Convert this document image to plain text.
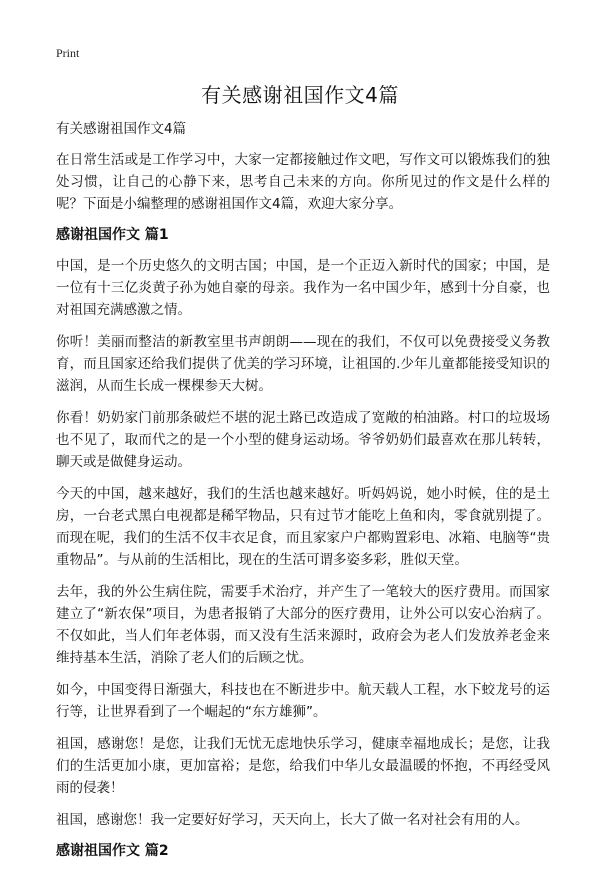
Print
有关感谢祖国作文4篇
有关感谢祖国作文4篇

在日常生活或是工作学习中，大家一定都接触过作文吧，写作文可以锻炼我们的独处习惯，让自己的心静下来，思考自己未来的方向。你所见过的作文是什么样的呢？下面是小编整理的感谢祖国作文4篇，欢迎大家分享。

感谢祖国作文 篇1

中国，是一个历史悠久的文明古国；中国，是一个正迈入新时代的国家；中国，是一位有十三亿炎黄子孙为她自豪的母亲。我作为一名中国少年，感到十分自豪，也对祖国充满感激之情。

你听！美丽而整洁的新教室里书声朗朗——现在的我们，不仅可以免费接受义务教育，而且国家还给我们提供了优美的学习环境，让祖国的.少年儿童都能接受知识的滋润，从而生长成一棵棵参天大树。

你看！奶奶家门前那条破烂不堪的泥土路已改造成了宽敞的柏油路。村口的垃圾场也不见了，取而代之的是一个小型的健身运动场。爷爷奶奶们最喜欢在那儿转转，聊天或是做健身运动。

今天的中国，越来越好，我们的生活也越来越好。听妈妈说，她小时候，住的是土房，一台老式黑白电视都是稀罕物品，只有过节才能吃上鱼和肉，零食就别提了。而现在呢，我们的生活不仅丰衣足食，而且家家户户都购置彩电、冰箱、电脑等“贵重物品”。与从前的生活相比，现在的生活可谓多姿多彩，胜似天堂。

去年，我的外公生病住院，需要手术治疗，并产生了一笔较大的医疗费用。而国家建立了“新农保”项目，为患者报销了大部分的医疗费用，让外公可以安心治病了。不仅如此，当人们年老体弱，而又没有生活来源时，政府会为老人们发放养老金来维持基本生活，消除了老人们的后顾之忧。

如今，中国变得日渐强大，科技也在不断进步中。航天载人工程，水下蛟龙号的运行等，让世界看到了一个崛起的“东方雄狮”。

祖国，感谢您！是您，让我们无忧无虑地快乐学习，健康幸福地成长；是您，让我们的生活更加小康，更加富裕；是您，给我们中华儿女最温暖的怀抱，不再经受风雨的侵袭！

祖国，感谢您！我一定要好好学习，天天向上，长大了做一名对社会有用的人。

感谢祖国作文 篇2
